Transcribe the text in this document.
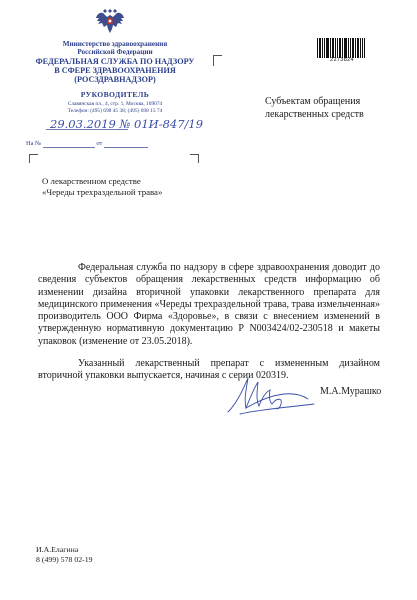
Министерство здравоохранения
Российской Федерации
ФЕДЕРАЛЬНАЯ СЛУЖБА ПО НАДЗОРУ
В СФЕРЕ ЗДРАВООХРАНЕНИЯ
(РОСЗДРАВНАДЗОР)
РУКОВОДИТЕЛЬ
Славянская пл., 4, стр. 1, Москва, 109074
Телефон: (495) 698 45 38; (495) 698 15 74
29.03.2019 № 01И-847/19
На №	от
2273824
Субъектам обращения
лекарственных средств
О лекарственном средстве
«Череды трехраздельной трава»

Федеральная служба по надзору в сфере здравоохранения доводит до сведения субъектов обращения лекарственных средств информацию об изменении дизайна вторичной упаковки лекарственного препарата для медицинского применения «Череды трехраздельной трава, трава измельченная» производитель ООО Фирма «Здоровье», в связи с внесением изменений в утвержденную нормативную документацию Р N003424/02-230518 и макеты упаковок (изменение от 23.05.2018).

Указанный лекарственный препарат с измененным дизайном вторичной упаковки выпускается, начиная с серии 020319.

М.А.Мурашко
И.А.Елагина
8 (499) 578 02-19
